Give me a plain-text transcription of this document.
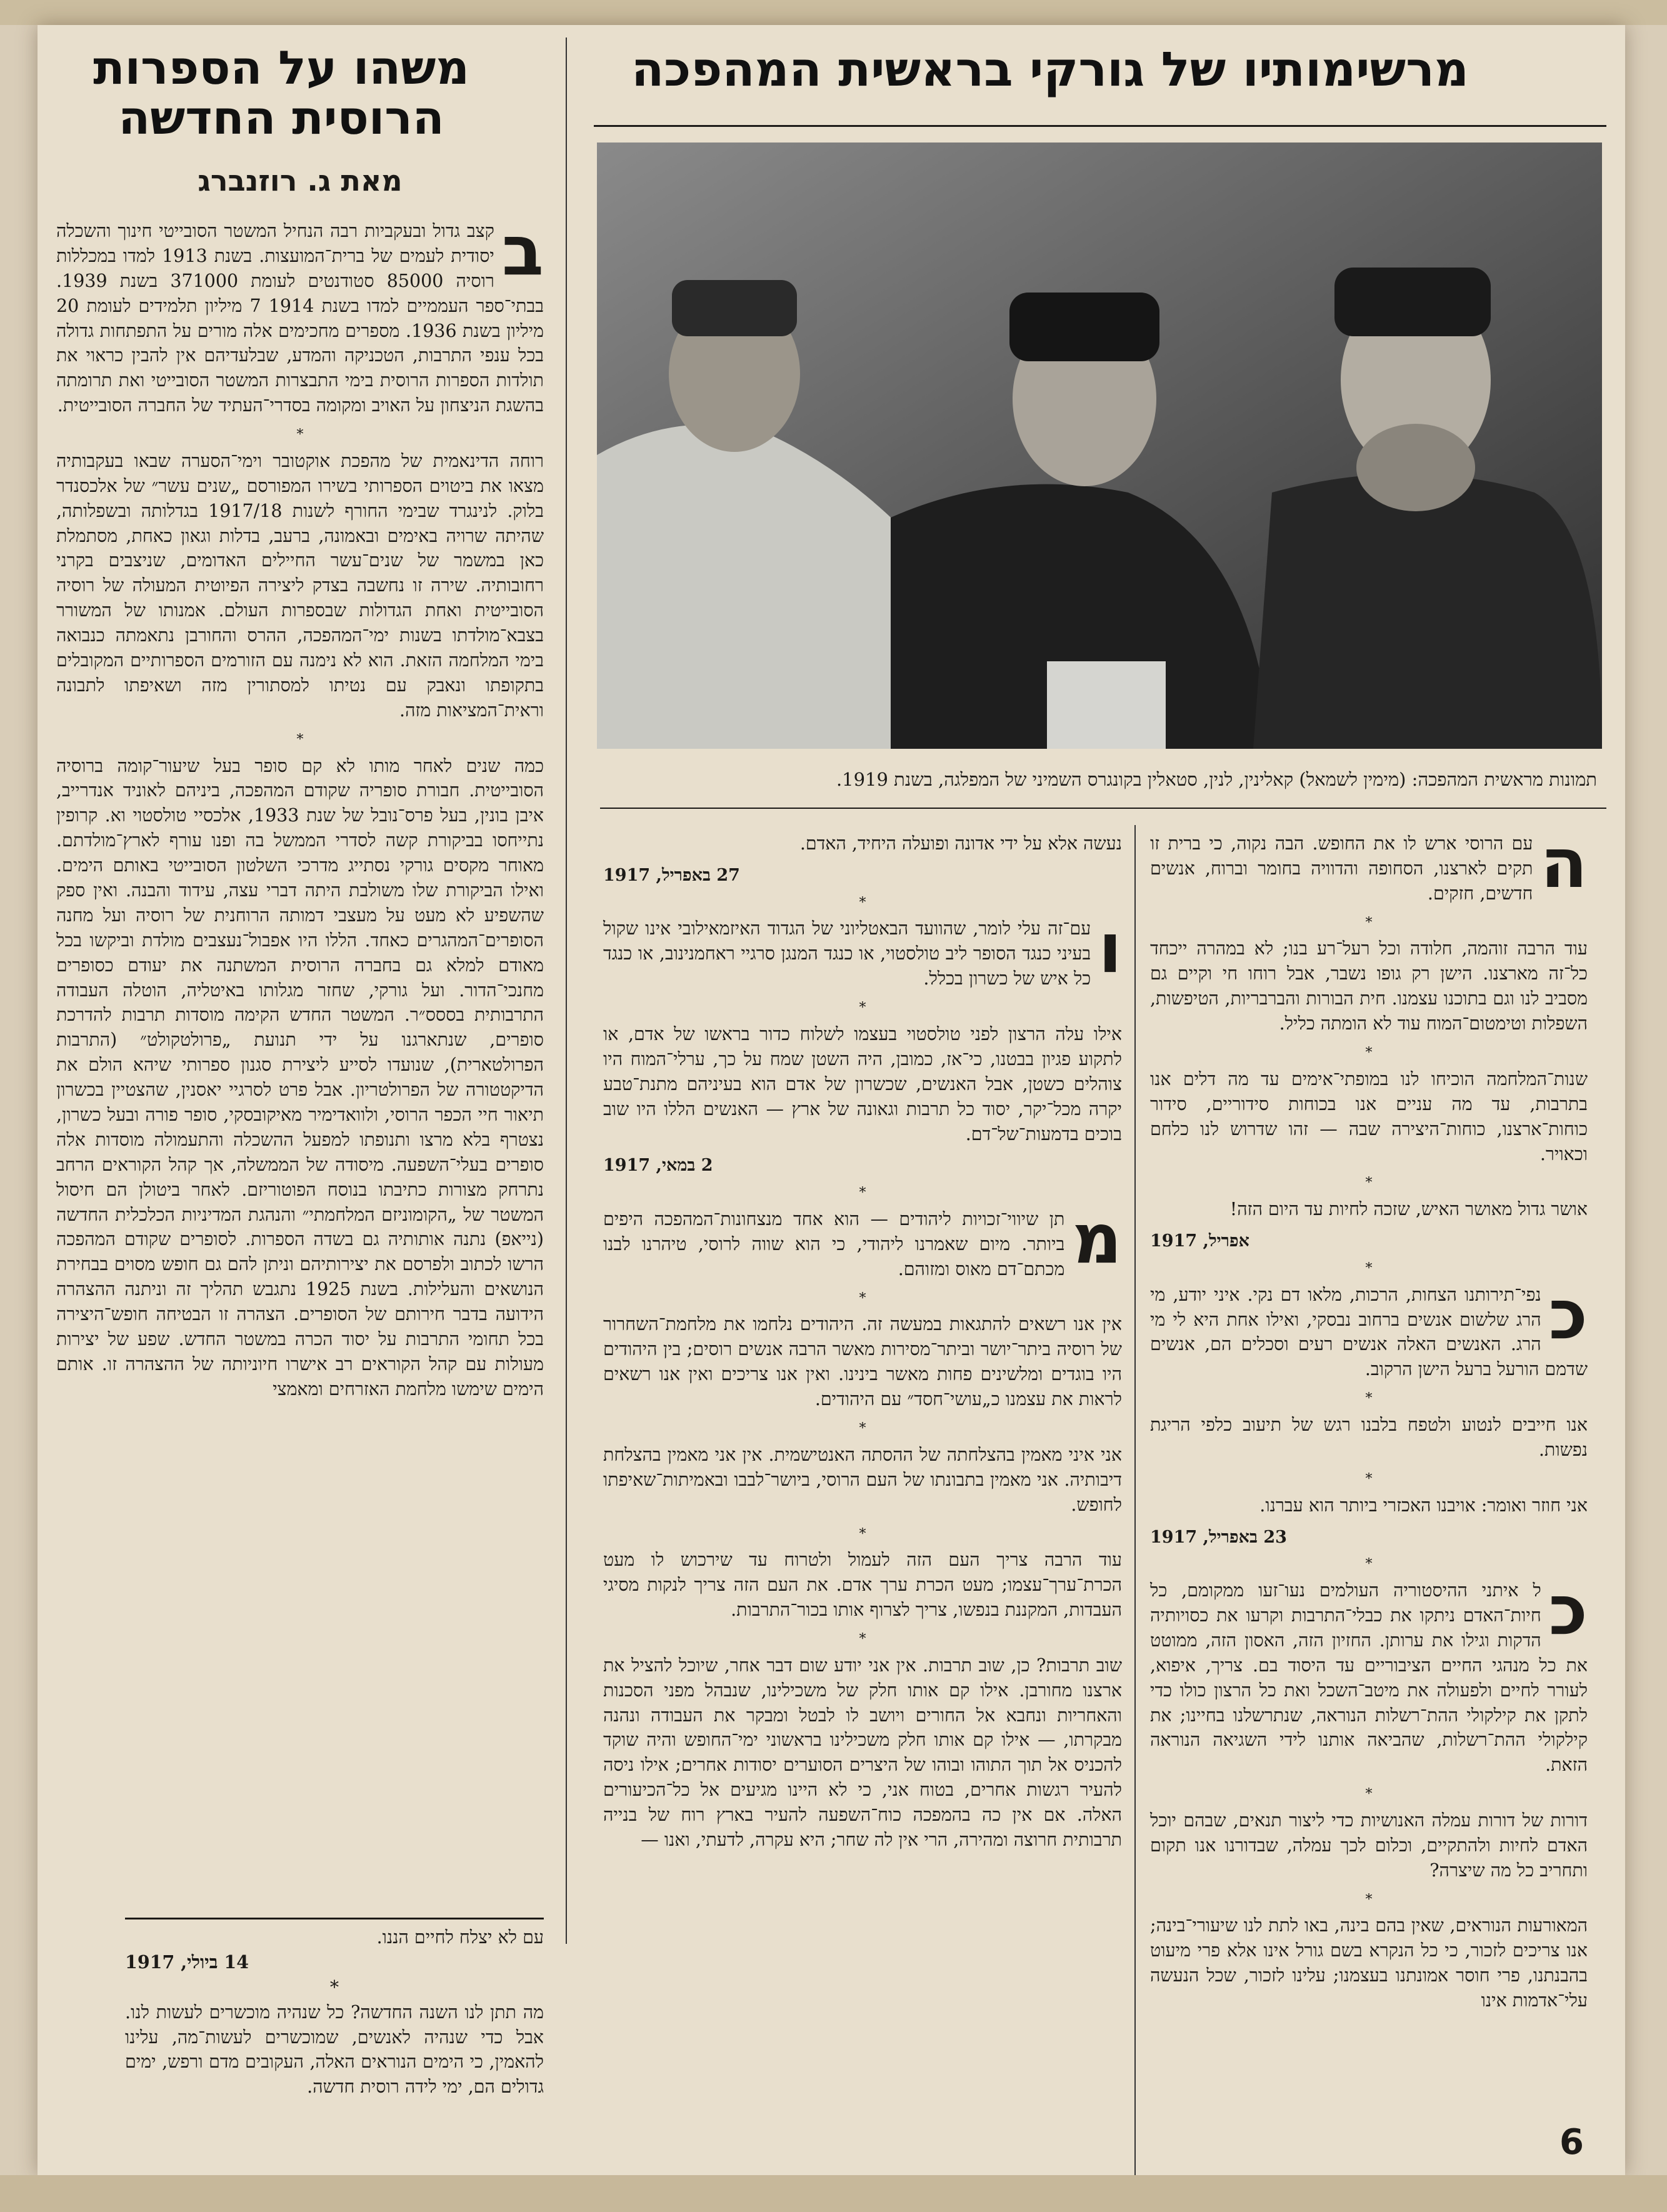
מרשימותיו של גורקי בראשית המהפכה
משהו על הספרות הרוסית החדשה
מאת ג. רוזנברג
תמונות מראשית המהפכה: (מימין לשמאל) קאלינין, לנין, סטאלין בקונגרס השמיני של המפלגה, בשנת 1919.
ב

קצב גדול ובעקביות רבה הנחיל המשטר הסובייטי חינוך והשכלה יסודית לעמים של ברית־המועצות. בשנת 1913 למדו במכללות רוסיה 85000 סטודנטים לעומת 371000 בשנת 1939. בבתי־ספר העממיים למדו בשנת 1914 7 מיליון תלמידים לעומת 20 מיליון בשנת 1936. מספרים מחכימים אלה מורים על התפתחות גדולה בכל ענפי התרבות, הטכניקה והמדע, שבלעדיהם אין להבין כראוי את תולדות הספרות הרוסית בימי התבצרות המשטר הסובייטי ואת תרומתה בהשגת הניצחון על האויב ומקומה בסדרי־העתיד של החברה הסובייטית.

*

רוחה הדינאמית של מהפכת אוקטובר וימי־הסערה שבאו בעקבותיה מצאו את ביטוים הספרותי בשירו המפורסם „שנים עשר״ של אלכסנדר בלוק. לנינגרד שבימי החורף לשנות 1917/18 בגדלותה ובשפלותה, שהיתה שרויה באימים ובאמונה, ברעב, בדלות וגאון כאחת, מסתמלת כאן במשמר של שנים־עשר החיילים האדומים, שניצבים בקרני רחובותיה. שירה זו נחשבה בצדק ליצירה הפיוטית המעולה של רוסיה הסובייטית ואחת הגדולות שבספרות העולם. אמנותו של המשורר בצבא־מולדתו בשנות ימי־המהפכה, ההרס והחורבן נתאמתה כנבואה בימי המלחמה הזאת. הוא לא נימנה עם הזורמים הספרותיים המקובלים בתקופתו ונאבק עם נטיתו למסתורין מזה ושאיפתו לתבונה וראית־המציאות מזה.

*

כמה שנים לאחר מותו לא קם סופר בעל שיעור־קומה ברוסיה הסובייטית. חבורת סופריה שקודם המהפכה, ביניהם לאוניד אנדרייב, איבן בונין, בעל פרס־נובל של שנת 1933, אלכסיי טולסטוי וא. קרופין נתייחסו בביקורת קשה לסדרי הממשל בה ופנו עורף לארץ־מולדתם. מאוחר מקסים גורקי נסתייג מדרכי השלטון הסובייטי באותם הימים. ואילו הביקורת שלו משולבת היתה דברי עצה, עידוד והבנה. ואין ספק שהשפיע לא מעט על מעצבי דמותה הרוחנית של רוסיה ועל מחנה הסופרים־המהגרים כאחד. הללו היו אפבול־נעצבים מולדת וביקשו בכל מאודם למלא גם בחברה הרוסית המשתנה את יעודם כסופרים מחנכי־הדור. ועל גורקי, שחזר מגלותו באיטליה, הוטלה העבודה התרבותית בססס״ר. המשטר החדש הקימה מוסדות תרבות להדרכת סופרים, שנתארגנו על ידי תנועת „פרולטקולט״ (התרבות הפרולטארית), שנועדו לסייע ליצירת סגנון ספרותי שיהא הולם את הדיקטטורה של הפרולטריון. אבל פרט לסרגיי יאסנין, שהצטיין בכשרון תיאור חיי הכפר הרוסי, ולוואדימיר מאיקובסקי, סופר פורה ובעל כשרון, נצטרף בלא מרצו ותנופתו למפעל ההשכלה והתעמולה מוסדות אלה סופרים בעלי־השפעה. מיסודה של הממשלה, אך קהל הקוראים הרחב נתרחק מצורות כתיבתו בנוסח הפוטוריזם. לאחר ביטולן הם חיסול המשטר של „הקומוניזם המלחמתי״ והנהגת המדיניות הכלכלית החדשה (נייאפ) נתנה אותותיה גם בשדה הספרות. לסופרים שקודם המהפכה הרשו לכתוב ולפרסם את יצירותיהם וניתן להם גם חופש מסוים בבחירת הנושאים והעלילות. בשנת 1925 נתגבש תהליך זה וניתנה ההצהרה הידועה בדבר חירותם של הסופרים. הצהרה זו הבטיחה חופש־היצירה בכל תחומי התרבות על יסוד הכרה במשטר החדש. שפע של יצירות מעולות עם קהל הקוראים רב אישרו חיוניותה של ההצהרה זו. אותם הימים שימשו מלחמת האזרחים ומאמצי

עם לא יצלח לחיים הננו.

14 ביולי, 1917
*

מה תתן לנו השנה החדשה? כל שנהיה מוכשרים לעשות לנו. אבל כדי שנהיה לאנשים, שמוכשרים לעשות־מה, עלינו להאמין, כי הימים הנוראים האלה, העקובים מדם ורפש, ימים גדולים הם, ימי לידה רוסית חדשה.

ה
עם הרוסי ארש לו את החופש. הבה נקוה, כי ברית זו תקים לארצנו, הסחופה והדוויה בחומר וברוח, אנשים חדשים, חזקים.

*

עוד הרבה זוהמה, חלודה וכל רעל־רע בנו; לא במהרה ייכחד כל־זה מארצנו. הישן רק גופו נשבר, אבל רוחו חי וקיים גם מסביב לנו וגם בתוכנו עצמנו. חית הבורות והברבריות, הטיפשות, השפלות וטימטום־המוח עוד לא הומתה כליל.

*

שנות־המלחמה הוכיחו לנו במופתי־אימים עד מה דלים אנו בתרבות, עד מה עניים אנו בכוחות סידוריים, סידור כוחות־ארצנו, כוחות־היצירה שבה — זהו שדרוש לנו כלחם וכאויר.

*

אושר גדול מאושר האיש, שזכה לחיות עד היום הזה!

אפריל, 1917
*

כ
נפי־תירותנו הצחות, הרכות, מלאו דם נקי. איני יודע, מי הרג שלשום אנשים ברחוב נבסקי, ואילו אחת היא לי מי הרג. האנשים האלה אנשים רעים וסכלים הם, אנשים שדמם הורעל ברעל הישן הרקוב.

*

אנו חייבים לנטוע ולטפח בלבנו רגש של תיעוב כלפי הריגת נפשות.

*

אני חוזר ואומר: אויבנו האכזרי ביותר הוא עברנו.

23 באפריל, 1917
*

כ
ל איתני ההיסטוריה העולמים נעו־זעו ממקומם, כל חיות־האדם ניתקו את כבלי־התרבות וקרעו את כסויותיה הדקות וגילו את ערותן. החזיון הזה, האסון הזה, ממוטט את כל מנהגי החיים הציבוריים עד היסוד בם. צריך, איפוא, לעורר לחיים ולפעולה את מיטב־השכל ואת כל הרצון כולו כדי לתקן את קילקולי ההת־רשלות הנוראה, שנתרשלנו בחיינו; את קילקולי ההת־רשלות, שהביאה אותנו לידי השגיאה הנוראה הזאת.

*

דורות של דורות עמלה האנושיות כדי ליצור תנאים, שבהם יוכל האדם לחיות ולהתקיים, וכלום לכך עמלה, שבדורנו אנו תקום ותחריב כל מה שיצרה?

*

המאורעות הנוראים, שאין בהם בינה, באו לתת לנו שיעורי־בינה; אנו צריכים לזכור, כי כל הנקרא בשם גורל אינו אלא פרי מיעוט בהבנתנו, פרי חוסר אמונתנו בעצמנו; עלינו לזכור, שכל הנעשה עלי־אדמות אינו

נעשה אלא על ידי אדונה ופועלה היחיד, האדם.

27 באפריל, 1917
*

ו
עם־זה עלי לומר, שהוועד הבאטליוני של הגדוד האיזמאילובי אינו שקול בעיני כנגד הסופר ליב טולסטוי, או כנגד המנגן סרגיי ראחמנינוב, או כנגד כל איש של כשרון בכלל.

*

אילו עלה הרצון לפני טולסטוי בעצמו לשלוח כדור בראשו של אדם, או לתקוע פגיון בבטנו, כי־אז, כמובן, היה השטן שמח על כך, ערלי־המוח היו צוהלים כשטן, אבל האנשים, שכשרון של אדם הוא בעיניהם מתנת־טבע יקרה מכל־יקר, יסוד כל תרבות וגאונה של ארץ — האנשים הללו היו שוב בוכים בדמעות־של־דם.

2 במאי, 1917
*

מ
תן שיווי־זכויות ליהודים — הוא אחד מנצחונות־המהפכה היפים ביותר. מיום שאמרנו ליהודי, כי הוא שווה לרוסי, טיהרנו לבנו מכתם־דם מאוס ומזוהם.

*

אין אנו רשאים להתגאות במעשה זה. היהודים נלחמו את מלחמת־השחרור של רוסיה ביתר־יושר וביתר־מסירות מאשר הרבה אנשים רוסים; בין היהודים היו בוגדים ומלשינים פחות מאשר בינינו. ואין אנו צריכים ואין אנו רשאים לראות את עצמנו כ„עושי־חסד״ עם היהודים.

*

אני איני מאמין בהצלחתה של ההסתה האנטישמית. אין אני מאמין בהצלחת דיבותיה. אני מאמין בתבונתו של העם הרוסי, ביושר־לבבו ובאמיתות־שאיפתו לחופש.

*

עוד הרבה צריך העם הזה לעמול ולטרוח עד שירכוש לו מעט הכרת־ערך־עצמו; מעט הכרת ערך אדם. את העם הזה צריך לנקות מסיגי העבדות, המקננת בנפשו, צריך לצרוף אותו בכור־התרבות.

*

שוב תרבות? כן, שוב תרבות. אין אני יודע שום דבר אחר, שיוכל להציל את ארצנו מחורבן. אילו קם אותו חלק של משכילינו, שנבהל מפני הסכנות והאחריות ונחבא אל החורים ויושב לו לבטל ומבקר את העבודה ונהנה מבקרתו, — אילו קם אותו חלק משכילינו בראשוני ימי־החופש והיה שוקד להכניס אל תוך התוהו ובוהו של היצרים הסוערים יסודות אחרים; אילו ניסה להעיר רגשות אחרים, בטוח אני, כי לא היינו מגיעים אל כל־הכיעורים האלה. אם אין כה בהמפכה כוח־השפעה להעיר בארץ רוח של בנייה תרבותית חרוצה ומהירה, הרי אין לה שחר; היא עקרה, לדעתי, ואנו —

6
